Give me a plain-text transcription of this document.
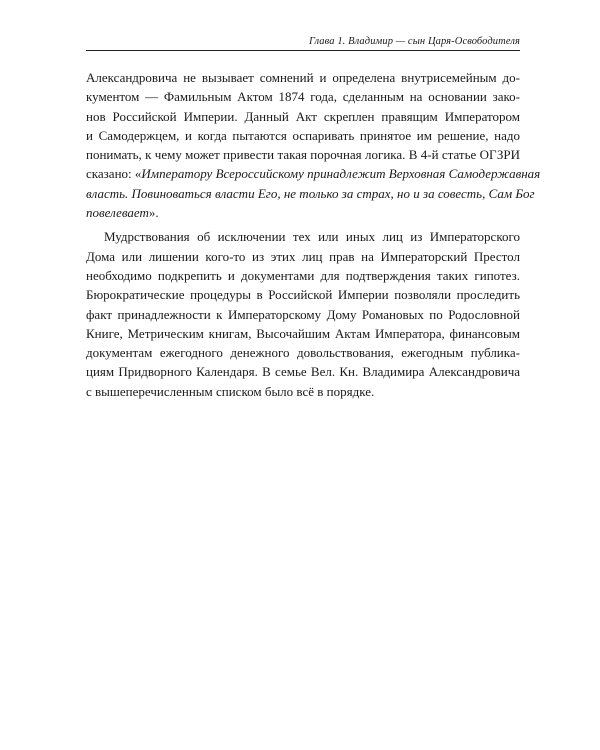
Глава 1. Владимир — сын Царя-Освободителя
Александровича не вызывает сомнений и определена внутрисемейным до-
кументом — Фамильным Актом 1874 года, сделанным на основании зако-
нов Российской Империи. Данный Акт скреплен правящим Императором
и Самодержцем, и когда пытаются оспаривать принятое им решение, надо
понимать, к чему может привести такая порочная логика. В 4-й статье ОГЗРИ
сказано: «Императору Всероссийскому принадлежит Верховная Самодержавная
власть. Повиноваться власти Его, не только за страх, но и за совесть, Сам Бог
повелевает».
Мудрствования об исключении тех или иных лиц из Императорского
Дома или лишении кого-то из этих лиц прав на Императорский Престол
необходимо подкрепить и документами для подтверждения таких гипотез.
Бюрократические процедуры в Российской Империи позволяли проследить
факт принадлежности к Императорскому Дому Романовых по Родословной
Книге, Метрическим книгам, Высочайшим Актам Императора, финансовым
документам ежегодного денежного довольствования, ежегодным публика-
циям Придворного Календаря. В семье Вел. Кн. Владимира Александровича
с вышеперечисленным списком было всё в порядке.
